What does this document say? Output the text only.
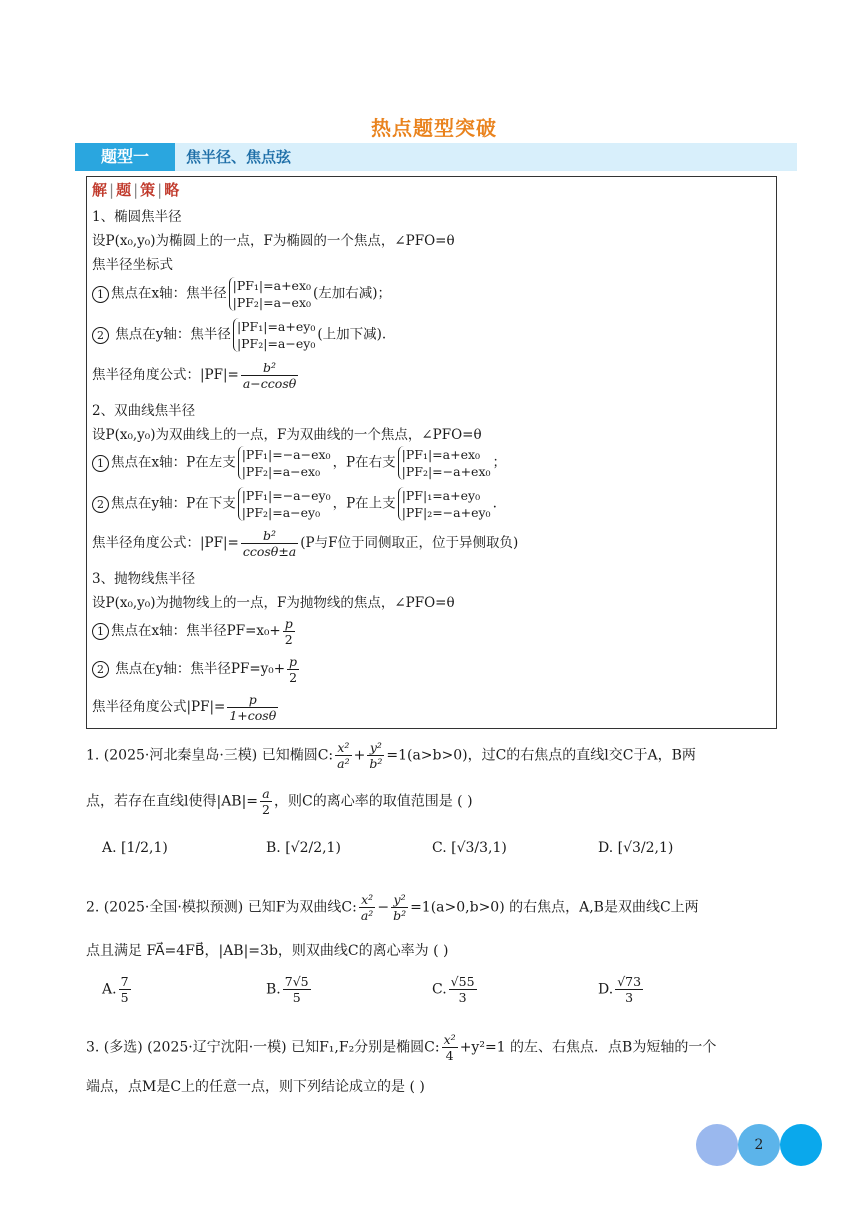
热点题型突破
题型一	焦半径、焦点弦
解 | 题 | 策 | 略
1、椭圆焦半径
设P(x₀,y₀)为椭圆上的一点，F为椭圆的一个焦点，∠PFO=θ
焦半径坐标式
1 焦点在x轴：焦半径 |PF₁|=a+ex₀
|PF₂|=a−ex₀(左加右减)；
2 焦点在y轴：焦半径 |PF₁|=a+ey₀
|PF₂|=a−ey₀(上加下减).
焦半径角度公式：$|PF|= \frac{\text{b²}}{a-ccos\theta}$
2、双曲线焦半径
设P(x₀,y₀)为双曲线上的一点，F为双曲线的一个焦点，∠PFO=θ
1 焦点在x轴：P在左支 |PF₁|=−a−ex₀
|PF₂|=a−ex₀，P在右支 |PF₁|=a+ex₀
|PF₂|=−a+ex₀；
2 焦点在y轴：P在下支 |PF₁|=−a−ey₀
|PF₂|=a−ey₀，P在上支 |PF|₁=a+ey₀
|PF|₂=−a+ey₀.
焦半径角度公式：$|PF|= \frac{\text{b²}}{ccos\theta\pm a} (P$与F位于同侧取正，位于异侧取负)
3、抛物线焦半径
设P(x₀,y₀)为抛物线上的一点，F为抛物线的焦点，∠PFO=θ
1 焦点在x轴：焦半径$PF=x_0+ \frac{p}{2}$
2 焦点在y轴：焦半径$PF=y_0+ \frac{p}{2}$
焦半径角度公式$|PF|= \frac{p}{1+\cos\theta}$
1. (2025·河北秦皇岛·三模) 已知椭圆C: $\frac{\text{x²}}{\text{a²}} + \frac{\text{y²}}{\text{b²}} =1(a>b>0)$，过C的右焦点的直线l交C于A，B两
点，若存在直线l使得$|AB|= \frac{a}{2}$ ，则C的离心率的取值范围是 ( )
A. [1/2,1)	B. [√2/2,1)	C. [√3/3,1)	D. [√3/2,1)
2. (2025·全国·模拟预测) 已知F为双曲线C: $\frac{\text{x²}}{\text{a²}} - \frac{\text{y²}}{\text{b²}} =1(a>0,b>0)$ 的右焦点，A,B是双曲线C上两
点且满足 FA⃗=4FB⃗，|AB|=3b，则双曲线C的离心率为 ( )
A. $\frac{7}{5}$	B. $\frac{7√5}{5}$	C. $\frac{√55}{3}$	D. $\frac{√73}{3}$
3. (多选) (2025·辽宁沈阳·一模) 已知F₁,F₂分别是椭圆C: $\frac{\text{x²}}{4} +y^2=1$ 的左、右焦点．点B为短轴的一个
端点，点M是C上的任意一点，则下列结论成立的是 ( )
2
